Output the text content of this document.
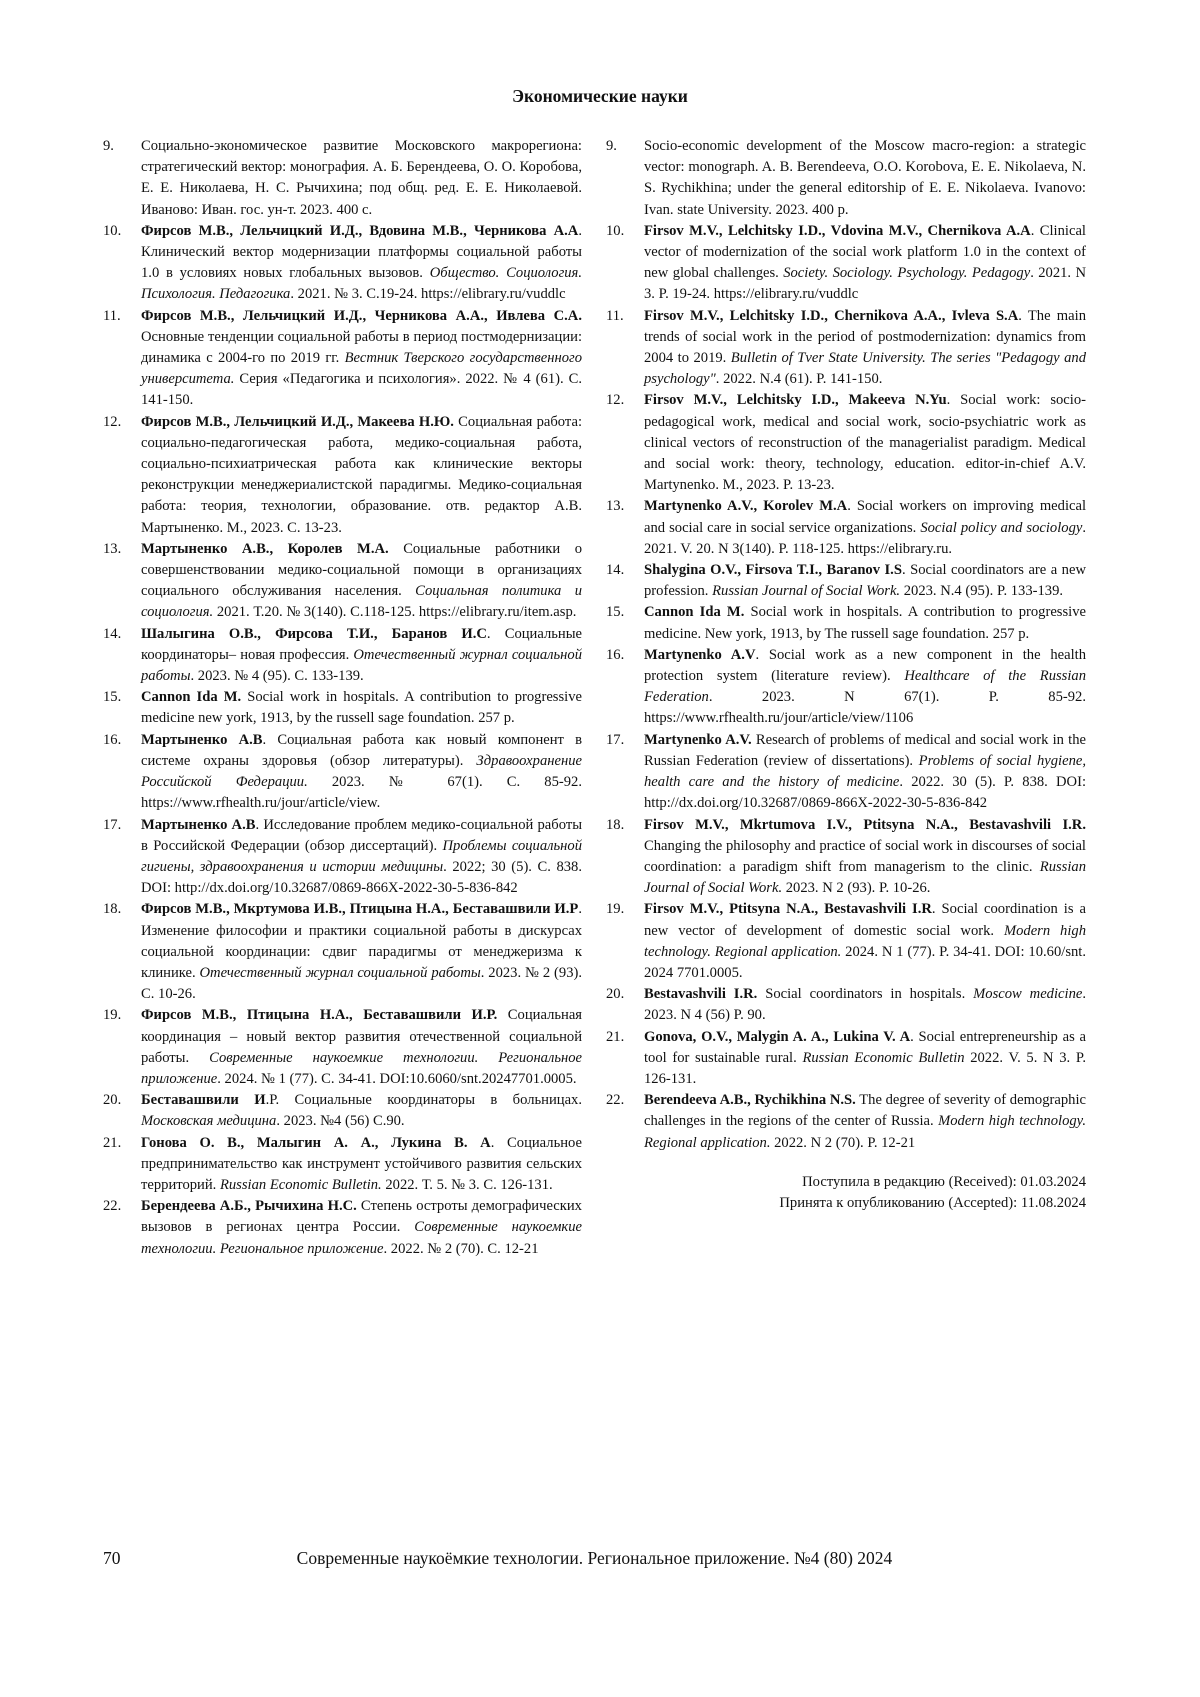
Экономические науки
9. Социально-экономическое развитие Московского макрорегиона: стратегический вектор: монография. А. Б. Берендеева, О. О. Коробова, Е. Е. Николаева, Н. С. Рычихина; под общ. ред. Е. Е. Николаевой. Иваново: Иван. гос. ун-т. 2023. 400 с.
10. Фирсов М.В., Лельчицкий И.Д., Вдовина М.В., Черникова А.А. Клинический вектор модернизации платформы социальной работы 1.0 в условиях новых глобальных вызовов. Общество. Социология. Психология. Педагогика. 2021. № 3. С.19-24. https://elibrary.ru/vuddlc
11. Фирсов М.В., Лельчицкий И.Д., Черникова А.А., Ивлева С.А. Основные тенденции социальной работы в период постмодернизации: динамика с 2004-го по 2019 гг. Вестник Тверского государственного университета. Серия «Педагогика и психология». 2022. № 4 (61). С. 141-150.
12. Фирсов М.В., Лельчицкий И.Д., Макеева Н.Ю. Социальная работа: социально-педагогическая работа, медико-социальная работа, социально-психиатрическая работа как клинические векторы реконструкции менеджериалистской парадигмы. Медико-социальная работа: теория, технологии, образование. отв. редактор А.В. Мартыненко. М., 2023. С. 13-23.
13. Мартыненко А.В., Королев М.А. Социальные работники о совершенствовании медико-социальной помощи в организациях социального обслуживания населения. Социальная политика и социология. 2021. Т.20. № 3(140). С.118-125. https://elibrary.ru/item.asp.
14. Шалыгина О.В., Фирсова Т.И., Баранов И.С. Социальные координаторы– новая профессия. Отечественный журнал социальной работы. 2023. № 4 (95). С. 133-139.
15. Cannon Ida M. Social work in hospitals. A contribution to progressive medicine new york, 1913, by the russell sage foundation. 257 p.
16. Мартыненко А.В. Социальная работа как новый компонент в системе охраны здоровья (обзор литературы). Здравоохранение Российской Федерации. 2023. № 67(1). С. 85-92. https://www.rfhealth.ru/jour/article/view.
17. Мартыненко А.В. Исследование проблем медико-социальной работы в Российской Федерации (обзор диссертаций). Проблемы социальной гигиены, здравоохранения и истории медицины. 2022; 30 (5). С. 838. DOI: http://dx.doi.org/10.32687/0869-866X-2022-30-5-836-842
18. Фирсов М.В., Мкртумова И.В., Птицына Н.А., Беставашвили И.Р. Изменение философии и практики социальной работы в дискурсах социальной координации: сдвиг парадигмы от менеджеризма к клинике. Отечественный журнал социальной работы. 2023. № 2 (93). С. 10-26.
19. Фирсов М.В., Птицына Н.А., Беставашвили И.Р. Социальная координация – новый вектор развития отечественной социальной работы. Современные наукоемкие технологии. Региональное приложение. 2024. № 1 (77). С. 34-41. DOI:10.6060/snt.20247701.0005.
20. Беставашвили И.Р. Социальные координаторы в больницах. Московская медицина. 2023. №4 (56) С.90.
21. Гонова О. В., Малыгин А. А., Лукина В. А. Социальное предпринимательство как инструмент устойчивого развития сельских территорий. Russian Economic Bulletin. 2022. Т. 5. № 3. С. 126-131.
22. Берендеева А.Б., Рычихина Н.С. Степень остроты демографических вызовов в регионах центра России. Современные наукоемкие технологии. Региональное приложение. 2022. № 2 (70). С. 12-21
9. Socio-economic development of the Moscow macro-region: a strategic vector: monograph. A. B. Berendeeva, O.O. Korobova, E. E. Nikolaeva, N. S. Rychikhina; under the general editorship of E. E. Nikolaeva. Ivanovo: Ivan. state University. 2023. 400 p.
10. Firsov M.V., Lelchitsky I.D., Vdovina M.V., Chernikova A.A. Clinical vector of modernization of the social work platform 1.0 in the context of new global challenges. Society. Sociology. Psychology. Pedagogy. 2021. N 3. P. 19-24. https://elibrary.ru/vuddlc
11. Firsov M.V., Lelchitsky I.D., Chernikova A.A., Ivleva S.A. The main trends of social work in the period of postmodernization: dynamics from 2004 to 2019. Bulletin of Tver State University. The series "Pedagogy and psychology". 2022. N.4 (61). P. 141-150.
12. Firsov M.V., Lelchitsky I.D., Makeeva N.Yu. Social work: socio-pedagogical work, medical and social work, socio-psychiatric work as clinical vectors of reconstruction of the managerialist paradigm. Medical and social work: theory, technology, education. editor-in-chief A.V. Martynenko. M., 2023. P. 13-23.
13. Martynenko A.V., Korolev M.A. Social workers on improving medical and social care in social service organizations. Social policy and sociology. 2021. V. 20. N 3(140). P. 118-125. https://elibrary.ru.
14. Shalygina O.V., Firsova T.I., Baranov I.S. Social coordinators are a new profession. Russian Journal of Social Work. 2023. N.4 (95). P. 133-139.
15. Cannon Ida M. Social work in hospitals. A contribution to progressive medicine. New york, 1913, by The russell sage foundation. 257 p.
16. Martynenko A.V. Social work as a new component in the health protection system (literature review). Healthcare of the Russian Federation. 2023. N 67(1). P. 85-92. https://www.rfhealth.ru/jour/article/view/1106
17. Martynenko A.V. Research of problems of medical and social work in the Russian Federation (review of dissertations). Problems of social hygiene, health care and the history of medicine. 2022. 30 (5). P. 838. DOI: http://dx.doi.org/10.32687/0869-866X-2022-30-5-836-842
18. Firsov M.V., Mkrtumova I.V., Ptitsyna N.A., Bestavashvili I.R. Changing the philosophy and practice of social work in discourses of social coordination: a paradigm shift from managerism to the clinic. Russian Journal of Social Work. 2023. N 2 (93). P. 10-26.
19. Firsov M.V., Ptitsyna N.A., Bestavashvili I.R. Social coordination is a new vector of development of domestic social work. Modern high technology. Regional application. 2024. N 1 (77). P. 34-41. DOI: 10.60/snt. 2024 7701.0005.
20. Bestavashvili I.R. Social coordinators in hospitals. Moscow medicine. 2023. N 4 (56) P. 90.
21. Gonova, O.V., Malygin A. A., Lukina V. A. Social entrepreneurship as a tool for sustainable rural. Russian Economic Bulletin 2022. V. 5. N 3. P. 126-131.
22. Berendeeva A.B., Rychikhina N.S. The degree of severity of demographic challenges in the regions of the center of Russia. Modern high technology. Regional application. 2022. N 2 (70). P. 12-21
Поступила в редакцию (Received): 01.03.2024
Принята к опубликованию (Accepted): 11.08.2024
70	Современные наукоёмкие технологии. Региональное приложение. №4 (80) 2024
